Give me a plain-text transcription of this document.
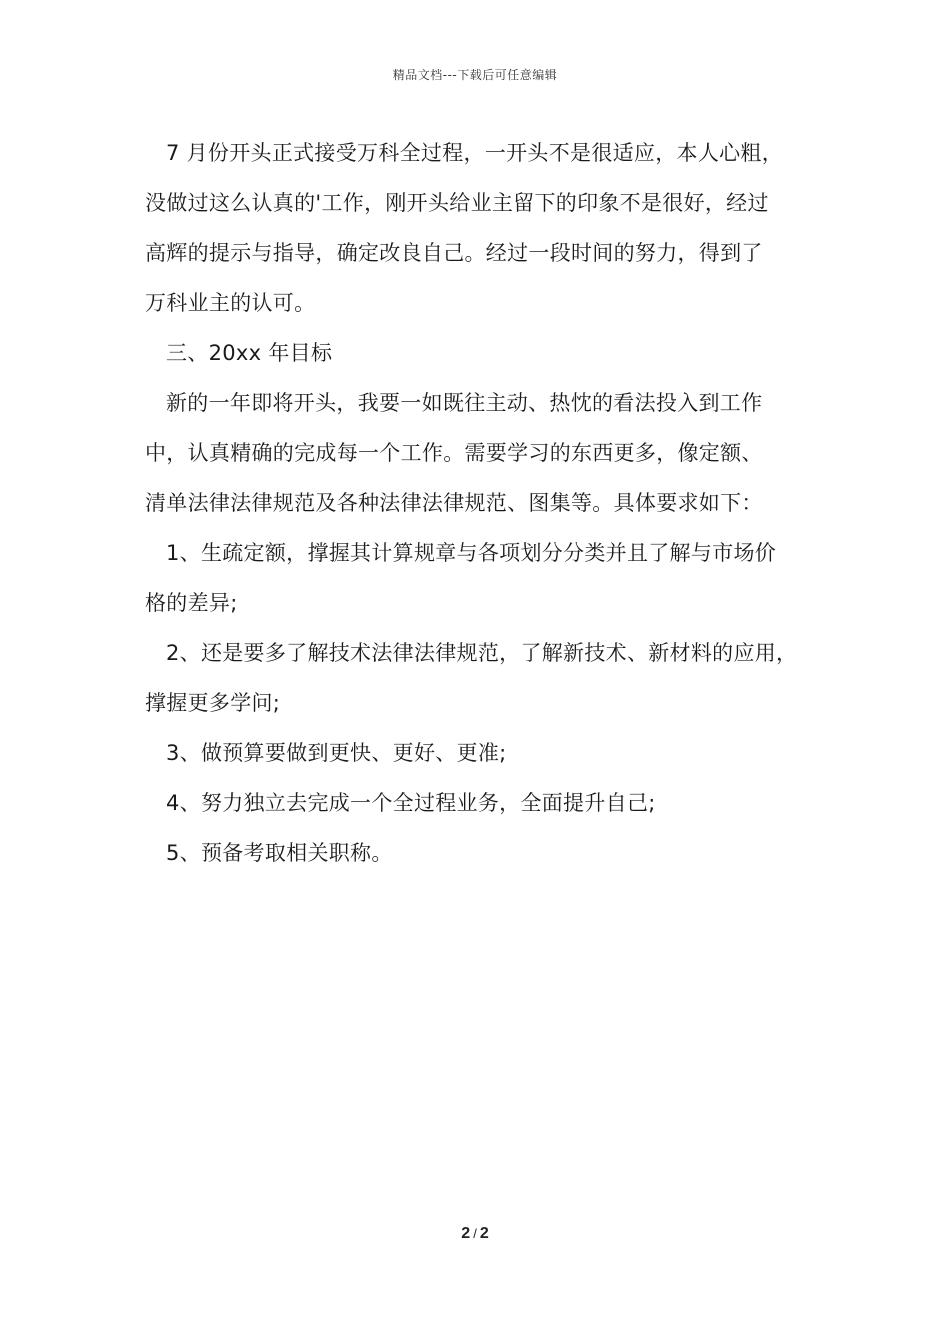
精品文档---下载后可任意编辑
7 月份开头正式接受万科全过程，一开头不是很适应，本人心粗，
没做过这么认真的'工作，刚开头给业主留下的印象不是很好，经过
高辉的提示与指导，确定改良自己。经过一段时间的努力，得到了
万科业主的认可。
三、20xx 年目标
新的一年即将开头，我要一如既往主动、热忱的看法投入到工作
中，认真精确的完成每一个工作。需要学习的东西更多，像定额、
清单法律法律规范及各种法律法律规范、图集等。具体要求如下：
1、生疏定额，撑握其计算规章与各项划分分类并且了解与市场价
格的差异;
2、还是要多了解技术法律法律规范，了解新技术、新材料的应用，
撑握更多学问;
3、做预算要做到更快、更好、更准;
4、努力独立去完成一个全过程业务，全面提升自己;
5、预备考取相关职称。
2 / 2
